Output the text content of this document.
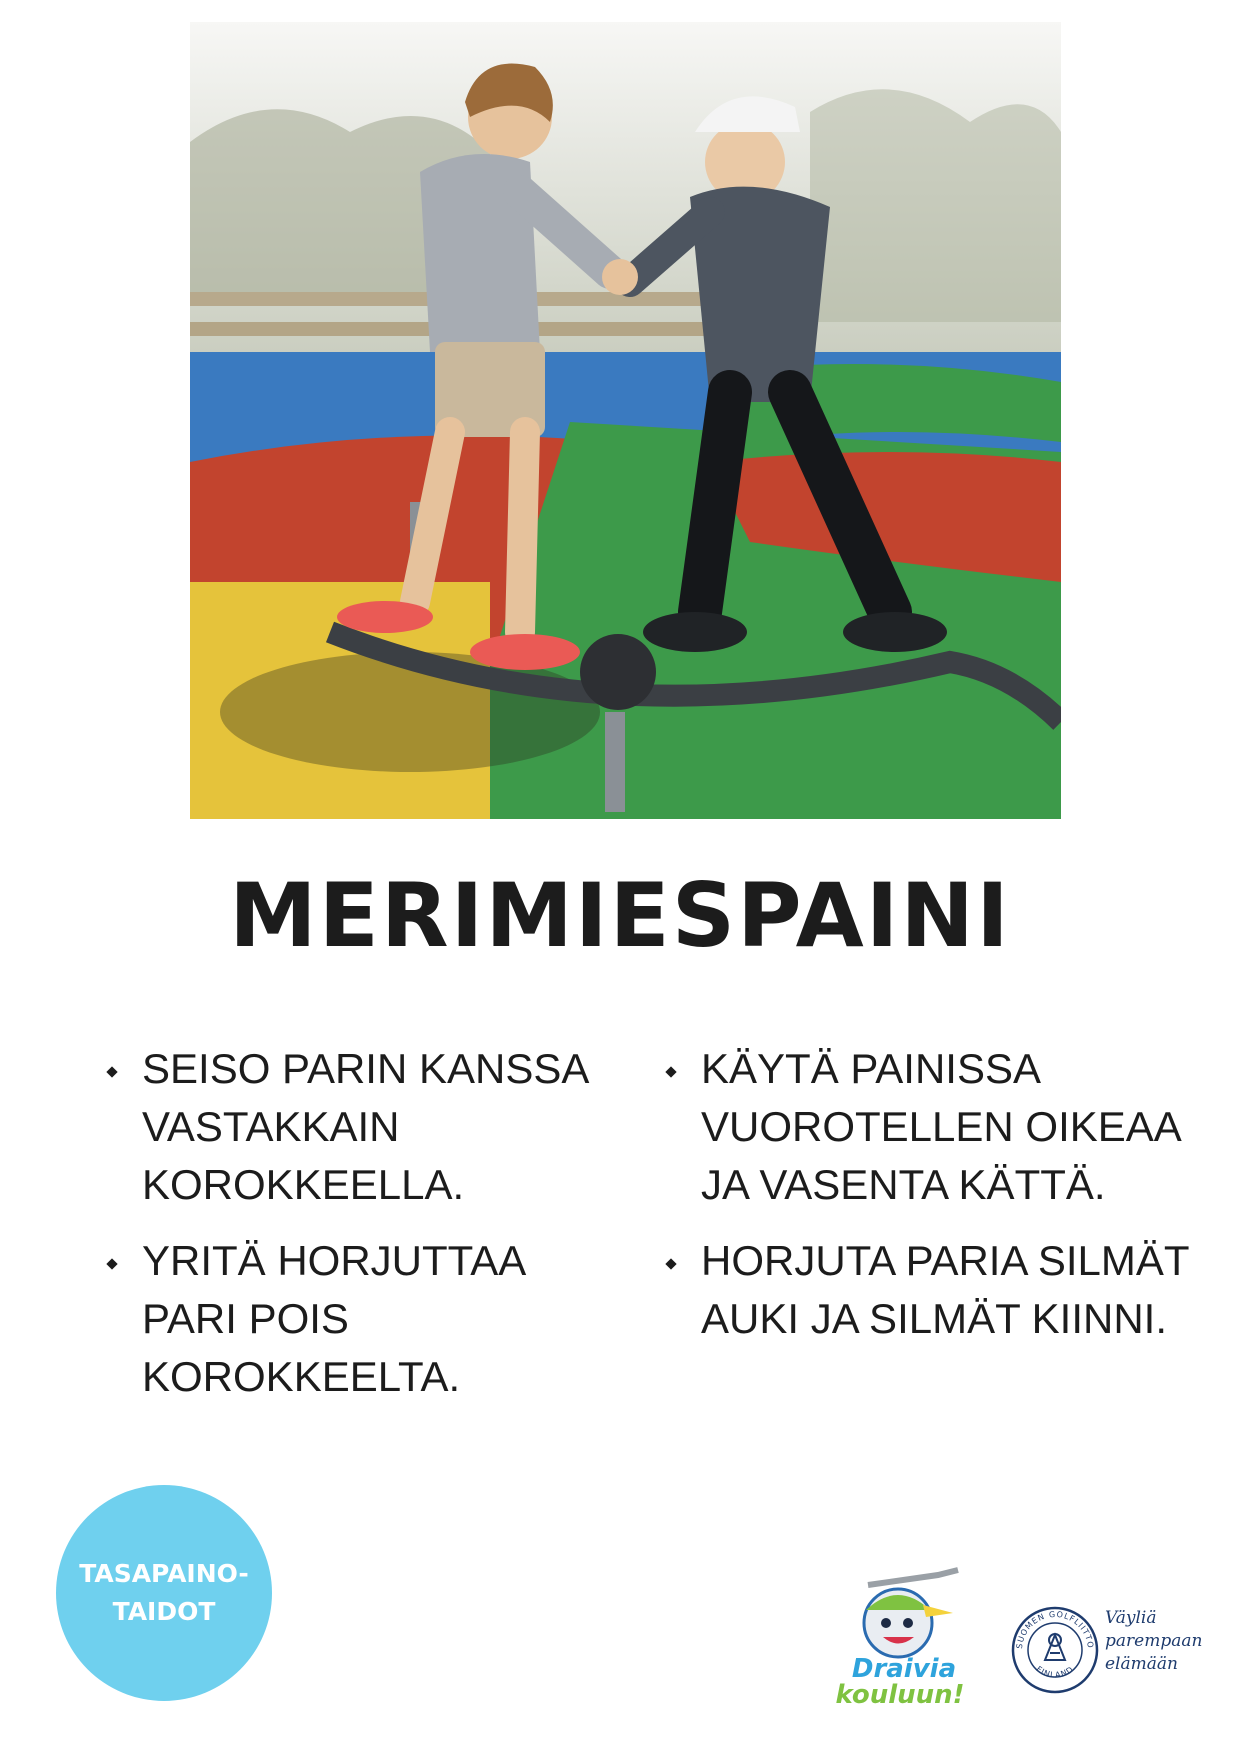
MERIMIESPAINI
SEISO PARIN KANSSA VASTAKKAIN KOROKKEELLA.
YRITÄ HORJUTTAA PARI POIS KOROKKEELTA.
KÄYTÄ PAINISSA VUOROTELLEN OIKEAA JA VASENTA KÄTTÄ.
HORJUTA PARIA SILMÄT AUKI JA SILMÄT KIINNI.
TASAPAINO-
TAIDOT
Draivia
kouluun!
SUOMEN GOLFLIITTO
FINLAND
Väyliä
parempaan
elämään
